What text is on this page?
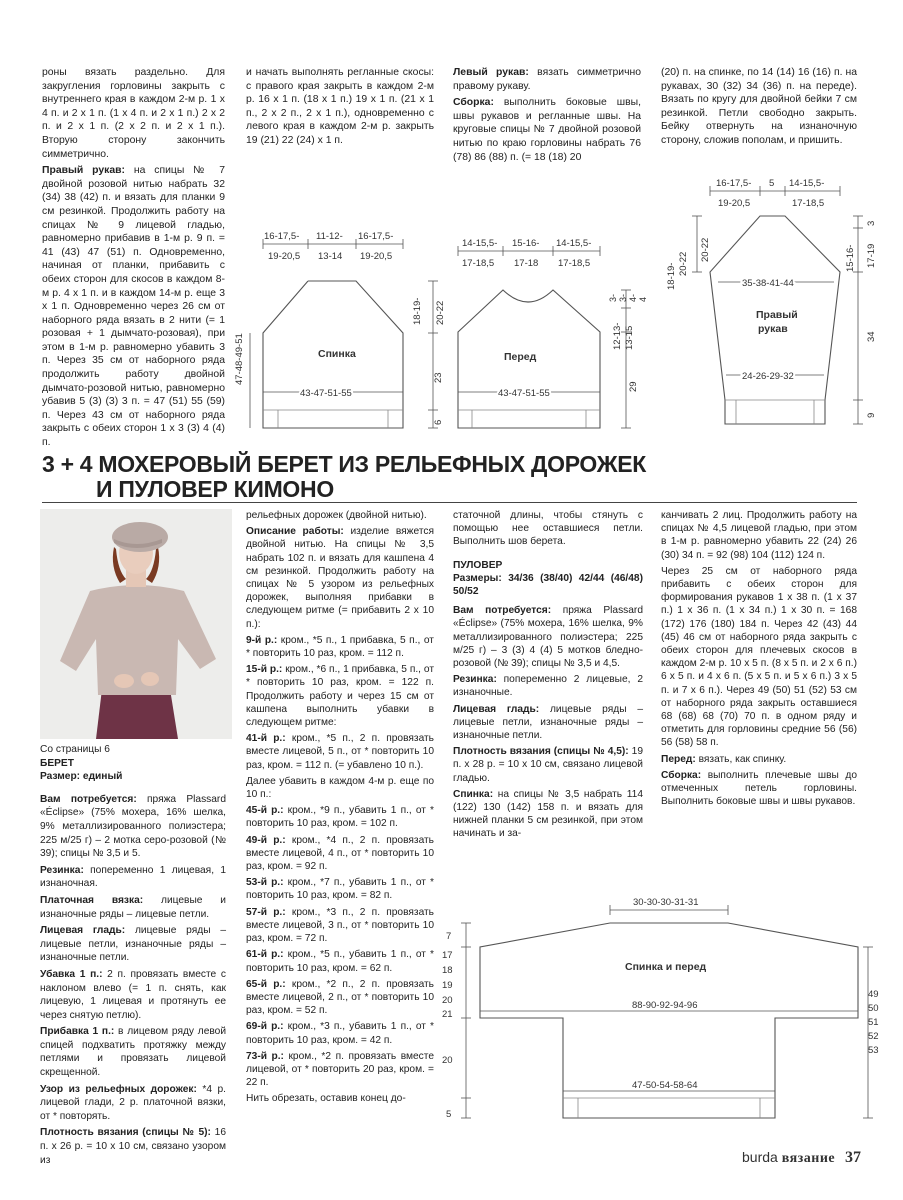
роны вязать раздельно. Для закругления горловины закрыть с внутреннего края в каждом 2-м р. 1 х 4 п. и 2 х 1 п. (1 х 4 п. и 2 х 1 п.) 2 х 2 п. и 2 х 1 п. (2 х 2 п. и 2 х 1 п.). Вторую сторону закончить симметрично.

Правый рукав: на спицы № 7 двойной розовой нитью набрать 32 (34) 38 (42) п. и вязать для планки 9 см резинкой. Продолжить работу на спицах № 9 лицевой гладью, равномерно прибавив в 1-м р. 9 п. = 41 (43) 47 (51) п. Одновременно, начиная от планки, прибавить с обеих сторон для скосов в каждом 8-м р. 4 х 1 п. и в каждом 14-м р. еще 3 х 1 п. Одновременно через 26 см от наборного ряда вязать в 2 нити (= 1 розовая + 1 дымчато-розовая), при этом в 1-м р. равномерно убавить 3 п. Через 35 см от наборного ряда продолжить работу двойной дымчато-розовой нитью, равномерно убавив 5 (3) (3) 3 п. = 47 (51) 55 (59) п. Через 43 см от наборного ряда закрыть с обеих сторон 1 х 3 (3) 4 (4) п.

и начать выполнять регланные скосы: с правого края закрыть в каждом 2-м р. 16 х 1 п. (18 х 1 п.) 19 х 1 п. (21 х 1 п., 2 х 2 п., 2 х 1 п.), одновременно с левого края в каждом 2-м р. закрыть 19 (21) 22 (24) х 1 п.

Левый рукав: вязать симметрично правому рукаву.

Сборка: выполнить боковые швы, швы рукавов и регланные швы. На круговые спицы № 7 двойной розовой нитью по краю горловины набрать 76 (78) 86 (88) п. (= 18 (18) 20

(20) п. на спинке, по 14 (14) 16 (16) п. на рукавах, 30 (32) 34 (36) п. на переде). Вязать по кругу для двойной бейки 7 см резинкой. Петли свободно закрыть. Бейку отвернуть на изнаночную сторону, сложив пополам, и пришить.

16-17,5- 11-12- 16-17,5-
19-20,5 13-14 19-20,5
Спинка
43-47-51-55
47-48-49-51
18-19- 20-22
23
6
14-15,5- 15-16- 14-15,5-
17-18,5 17-18 17-18,5
Перед
43-47-51-55
3- 3- 4- 4
12-13- 13-15
29
16-17,5- 5 14-15,5-
19-20,5	17-18,5
35-38-41-44
24-26-29-32
Правый
рукав
18-19- 20-22
20-22
3
15-16- 17-19
34
9
3 + 4 МОХЕРОВЫЙ БЕРЕТ ИЗ РЕЛЬЕФНЫХ ДОРОЖЕК
И ПУЛОВЕР КИМОНО
Со страницы 6
БЕРЕТ

Размер: единый

Вам потребуется: пряжа Plassard «Éclipse» (75% мохера, 16% шелка, 9% металлизированного полиэстера; 225 м/25 г) – 2 мотка серо-розовой (№ 39); спицы № 3,5 и 5.

Резинка: попеременно 1 лицевая, 1 изнаночная.

Платочная вязка: лицевые и изнаночные ряды – лицевые петли.

Лицевая гладь: лицевые ряды – лицевые петли, изнаночные ряды – изнаночные петли.

Убавка 1 п.: 2 п. провязать вместе с наклоном влево (= 1 п. снять, как лицевую, 1 лицевая и протянуть ее через снятую петлю).

Прибавка 1 п.: в лицевом ряду левой спицей подхватить протяжку между петлями и провязать лицевой скрещенной.

Узор из рельефных дорожек: *4 р. лицевой глади, 2 р. платочной вязки, от * повторять.

Плотность вязания (спицы № 5): 16 п. х 26 р. = 10 х 10 см, связано узором из

рельефных дорожек (двойной нитью).

Описание работы: изделие вяжется двойной нитью. На спицы № 3,5 набрать 102 п. и вязать для кашпена 4 см резинкой. Продолжить работу на спицах № 5 узором из рельефных дорожек, выполняя прибавки в следующем ритме (= прибавить 2 х 10 п.):

9-й р.: кром., *5 п., 1 прибавка, 5 п., от * повторить 10 раз, кром. = 112 п.

15-й р.: кром., *6 п., 1 прибавка, 5 п., от * повторить 10 раз, кром. = 122 п. Продолжить работу и через 15 см от кашпена выполнить убавки в следующем ритме:

41-й р.: кром., *5 п., 2 п. провязать вместе лицевой, 5 п., от * повторить 10 раз, кром. = 112 п. (= убавлено 10 п.).

Далее убавить в каждом 4-м р. еще по 10 п.:

45-й р.: кром., *9 п., убавить 1 п., от * повторить 10 раз, кром. = 102 п.

49-й р.: кром., *4 п., 2 п. провязать вместе лицевой, 4 п., от * повторить 10 раз, кром. = 92 п.

53-й р.: кром., *7 п., убавить 1 п., от * повторить 10 раз, кром. = 82 п.

57-й р.: кром., *3 п., 2 п. провязать вместе лицевой, 3 п., от * повторить 10 раз, кром. = 72 п.

61-й р.: кром., *5 п., убавить 1 п., от * повторить 10 раз, кром. = 62 п.

65-й р.: кром., *2 п., 2 п. провязать вместе лицевой, 2 п., от * повторить 10 раз, кром. = 52 п.

69-й р.: кром., *3 п., убавить 1 п., от * повторить 10 раз, кром. = 42 п.

73-й р.: кром., *2 п. провязать вместе лицевой, от * повторить 20 раз, кром. = 22 п.

Нить обрезать, оставив конец до-

статочной длины, чтобы стянуть с помощью нее оставшиеся петли. Выполнить шов берета.

ПУЛОВЕР

Размеры: 34/36 (38/40) 42/44 (46/48) 50/52

Вам потребуется: пряжа Plassard «Éclipse» (75% мохера, 16% шелка, 9% металлизированного полиэстера; 225 м/25 г) – 3 (3) 4 (4) 5 мотков бледно-розовой (№ 39); спицы № 3,5 и 4,5.

Резинка: попеременно 2 лицевые, 2 изнаночные.

Лицевая гладь: лицевые ряды – лицевые петли, изнаночные ряды – изнаночные петли.

Плотность вязания (спицы № 4,5): 19 п. х 28 р. = 10 х 10 см, связано лицевой гладью.

Спинка: на спицы № 3,5 набрать 114 (122) 130 (142) 158 п. и вязать для нижней планки 5 см резинкой, при этом начинать и за-

канчивать 2 лиц. Продолжить работу на спицах № 4,5 лицевой гладью, при этом в 1-м р. равномерно убавить 22 (24) 26 (30) 34 п. = 92 (98) 104 (112) 124 п.

Через 25 см от наборного ряда прибавить с обеих сторон для формирования рукавов 1 х 38 п. (1 х 37 п.) 1 х 36 п. (1 х 34 п.) 1 х 30 п. = 168 (172) 176 (180) 184 п. Через 42 (43) 44 (45) 46 см от наборного ряда закрыть с обеих сторон для плечевых скосов в каждом 2-м р. 10 х 5 п. (8 х 5 п. и 2 х 6 п.) 6 х 5 п. и 4 х 6 п. (5 х 5 п. и 5 х 6 п.) 3 х 5 п. и 7 х 6 п.). Через 49 (50) 51 (52) 53 см от наборного ряда закрыть оставшиеся 68 (68) 68 (70) 70 п. в одном ряду и отметить для горловины средние 56 (56) 56 (58) 58 п.

Перед: вязать, как спинку.

Сборка: выполнить плечевые швы до отмеченных петель горловины. Выполнить боковые швы и швы рукавов.

30-30-30-31-31
Спинка и перед
88-90-92-94-96
47-50-54-58-64
7
17
18
19
20
21
20
5
49
50
51
52
53
burda вязание 37
